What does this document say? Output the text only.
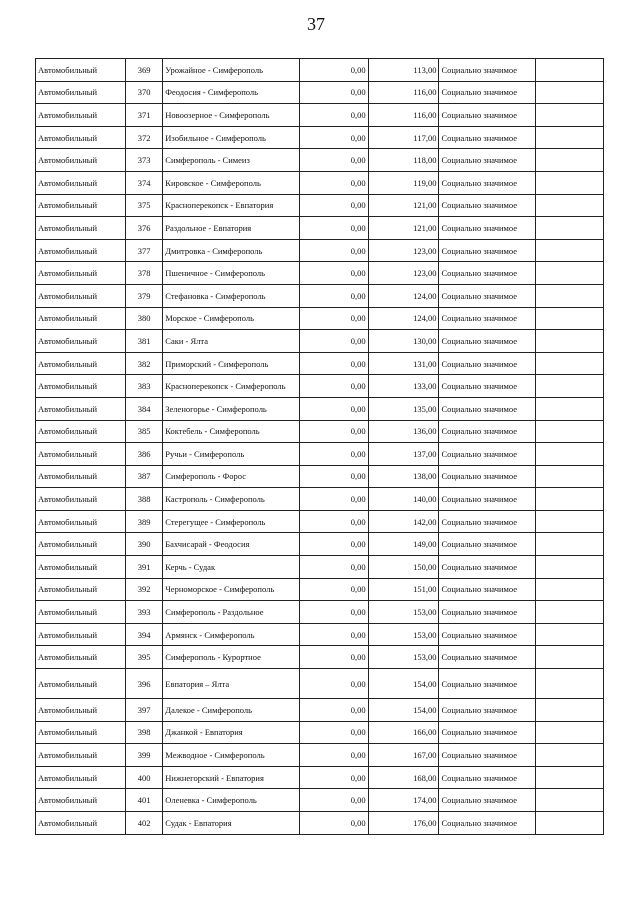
37
Автомобильный	369	Урожайное - Симферополь	0,00	113,00	Социально значимое	
Автомобильный	370	Феодосия - Симферополь	0,00	116,00	Социально значимое	
Автомобильный	371	Новоозерное - Симферополь	0,00	116,00	Социально значимое	
Автомобильный	372	Изобильное - Симферополь	0,00	117,00	Социально значимое	
Автомобильный	373	Симферополь - Симеиз	0,00	118,00	Социально значимое	
Автомобильный	374	Кировское - Симферополь	0,00	119,00	Социально значимое	
Автомобильный	375	Красноперекопск - Евпатория	0,00	121,00	Социально значимое	
Автомобильный	376	Раздольное - Евпатория	0,00	121,00	Социально значимое	
Автомобильный	377	Дмитровка - Симферополь	0,00	123,00	Социально значимое	
Автомобильный	378	Пшеничное - Симферополь	0,00	123,00	Социально значимое	
Автомобильный	379	Стефановка - Симферополь	0,00	124,00	Социально значимое	
Автомобильный	380	Морское - Симферополь	0,00	124,00	Социально значимое	
Автомобильный	381	Саки - Ялта	0,00	130,00	Социально значимое	
Автомобильный	382	Приморский - Симферополь	0,00	131,00	Социально значимое	
Автомобильный	383	Красноперекопск - Симферополь	0,00	133,00	Социально значимое	
Автомобильный	384	Зеленогорье - Симферополь	0,00	135,00	Социально значимое	
Автомобильный	385	Коктебель - Симферополь	0,00	136,00	Социально значимое	
Автомобильный	386	Ручьи - Симферополь	0,00	137,00	Социально значимое	
Автомобильный	387	Симферополь - Форос	0,00	138,00	Социально значимое	
Автомобильный	388	Кастрополь - Симферополь	0,00	140,00	Социально значимое	
Автомобильный	389	Стерегущее - Симферополь	0,00	142,00	Социально значимое	
Автомобильный	390	Бахчисарай - Феодосия	0,00	149,00	Социально значимое	
Автомобильный	391	Керчь - Судак	0,00	150,00	Социально значимое	
Автомобильный	392	Черноморское - Симферополь	0,00	151,00	Социально значимое	
Автомобильный	393	Симферополь - Раздольное	0,00	153,00	Социально значимое	
Автомобильный	394	Армянск - Симферополь	0,00	153,00	Социально значимое	
Автомобильный	395	Симферополь - Курортное	0,00	153,00	Социально значимое	
Автомобильный	396	Евпатория – Ялта	0,00	154,00	Социально значимое	
Автомобильный	397	Далекое - Симферополь	0,00	154,00	Социально значимое	
Автомобильный	398	Джанкой - Евпатория	0,00	166,00	Социально значимое	
Автомобильный	399	Межводное - Симферополь	0,00	167,00	Социально значимое	
Автомобильный	400	Нижнегорский - Евпатория	0,00	168,00	Социально значимое	
Автомобильный	401	Оленевка - Симферополь	0,00	174,00	Социально значимое	
Автомобильный	402	Судак - Евпатория	0,00	176,00	Социально значимое	
